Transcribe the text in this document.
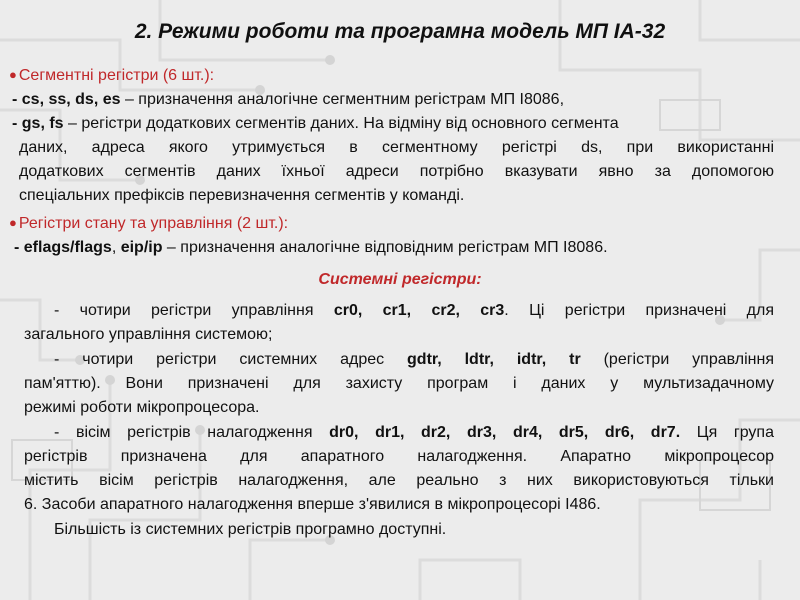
2. Режими роботи та програмна модель МП ІА-32
● Сегментні регістри (6 шт.):
- cs, ss, ds, es – призначення аналогічне сегментним регістрам МП І8086,
- gs, fs – регістри додаткових сегментів даних. На відміну від основного сегмента
даних, адреса якого утримується в сегментному регістрі ds, при використанні
додаткових сегментів даних їхньої адреси потрібно вказувати явно за допомогою
спеціальних префіксів перевизначення сегментів у команді.
● Регістри стану та управління (2 шт.):
- eflags/flags, eip/ip – призначення аналогічне відповідним регістрам МП І8086.
Системні регістри:
- чотири регістри управління cr0, cr1, cr2, cr3. Ці регістри призначені для
загального управління системою;
- чотири регістри системних адрес gdtr, ldtr, idtr, tr (регістри управління
пам'яттю). Вони призначені для захисту програм і даних у мультизадачному
режимі роботи мікропроцесора.
- вісім регістрів налагодження dr0, dr1, dr2, dr3, dr4, dr5, dr6, dr7. Ця група
регістрів призначена для апаратного налагодження. Апаратно мікропроцесор
містить вісім регістрів налагодження, але реально з них використовуються тільки
6. Засоби апаратного налагодження вперше з'явилися в мікропроцесорі І486.
Більшість із системних регістрів програмно доступні.
